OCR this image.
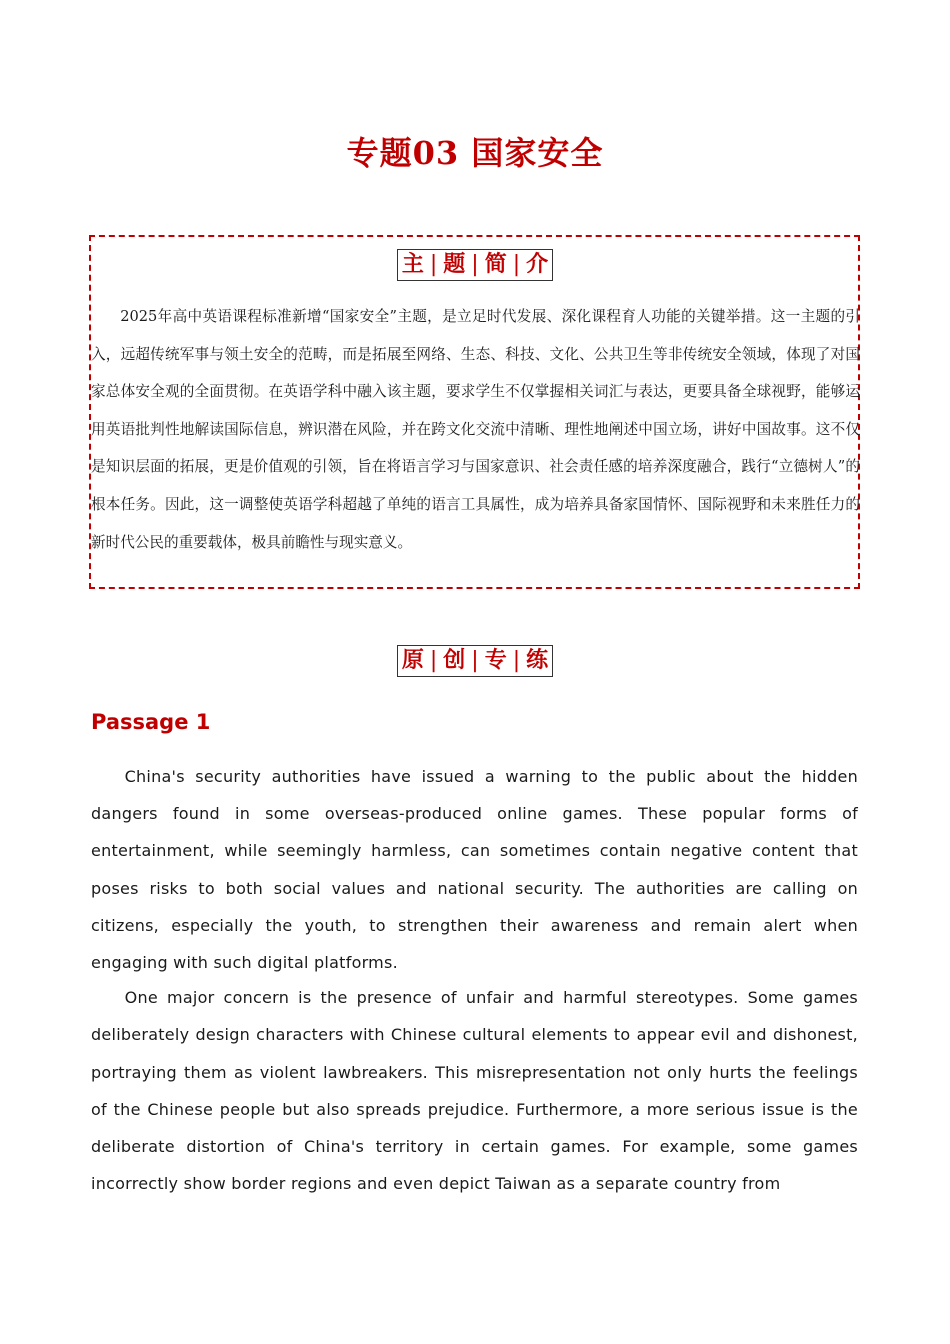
专题03 国家安全
主 | 题 | 简 | 介

2025年高中英语课程标准新增“国家安全”主题，是立足时代发展、深化课程育人功能的关键举措。这一主题的引入，远超传统军事与领土安全的范畴，而是拓展至网络、生态、科技、文化、公共卫生等非传统安全领域，体现了对国家总体安全观的全面贯彻。在英语学科中融入该主题，要求学生不仅掌握相关词汇与表达，更要具备全球视野，能够运用英语批判性地解读国际信息，辨识潜在风险，并在跨文化交流中清晰、理性地阐述中国立场，讲好中国故事。这不仅是知识层面的拓展，更是价值观的引领，旨在将语言学习与国家意识、社会责任感的培养深度融合，践行“立德树人”的根本任务。因此，这一调整使英语学科超越了单纯的语言工具属性，成为培养具备家国情怀、国际视野和未来胜任力的新时代公民的重要载体，极具前瞻性与现实意义。

原 | 创 | 专 | 练
Passage 1

China's security authorities have issued a warning to the public about the hidden dangers found in some overseas-produced online games. These popular forms of entertainment, while seemingly harmless, can sometimes contain negative content that poses risks to both social values and national security. The authorities are calling on citizens, especially the youth, to strengthen their awareness and remain alert when engaging with such digital platforms.

One major concern is the presence of unfair and harmful stereotypes. Some games deliberately design characters with Chinese cultural elements to appear evil and dishonest, portraying them as violent lawbreakers. This misrepresentation not only hurts the feelings of the Chinese people but also spreads prejudice. Furthermore, a more serious issue is the deliberate distortion of China's territory in certain games. For example, some games incorrectly show border regions and even depict Taiwan as a separate country from
